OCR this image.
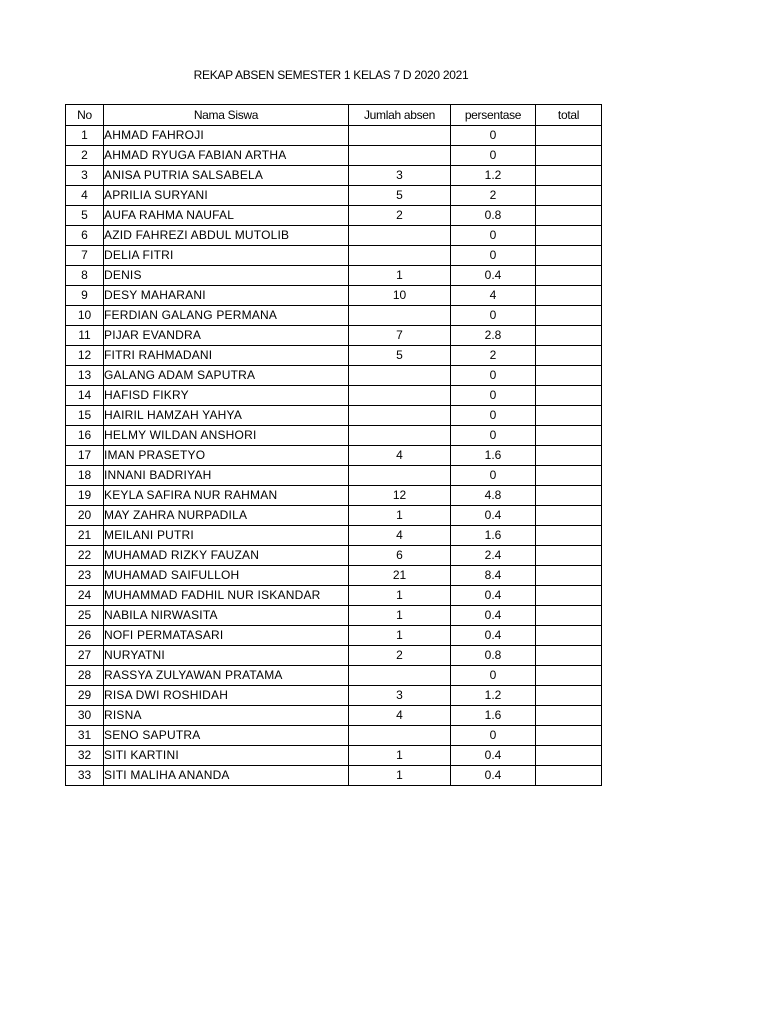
REKAP ABSEN SEMESTER 1 KELAS 7 D 2020 2021
No	Nama Siswa	Jumlah absen	persentase	total
1	AHMAD FAHROJI		0	
2	AHMAD RYUGA FABIAN ARTHA		0	
3	ANISA PUTRIA SALSABELA	3	1.2	
4	APRILIA SURYANI	5	2	
5	AUFA RAHMA NAUFAL	2	0.8	
6	AZID FAHREZI ABDUL MUTOLIB		0	
7	DELIA FITRI		0	
8	DENIS	1	0.4	
9	DESY MAHARANI	10	4	
10	FERDIAN GALANG PERMANA		0	
11	PIJAR EVANDRA	7	2.8	
12	FITRI RAHMADANI	5	2	
13	GALANG ADAM SAPUTRA		0	
14	HAFISD FIKRY		0	
15	HAIRIL HAMZAH YAHYA		0	
16	HELMY WILDAN ANSHORI		0	
17	IMAN PRASETYO	4	1.6	
18	INNANI BADRIYAH		0	
19	KEYLA SAFIRA NUR RAHMAN	12	4.8	
20	MAY ZAHRA NURPADILA	1	0.4	
21	MEILANI PUTRI	4	1.6	
22	MUHAMAD RIZKY FAUZAN	6	2.4	
23	MUHAMAD SAIFULLOH	21	8.4	
24	MUHAMMAD FADHIL NUR ISKANDAR	1	0.4	
25	NABILA NIRWASITA	1	0.4	
26	NOFI PERMATASARI	1	0.4	
27	NURYATNI	2	0.8	
28	RASSYA ZULYAWAN PRATAMA		0	
29	RISA DWI ROSHIDAH	3	1.2	
30	RISNA	4	1.6	
31	SENO SAPUTRA		0	
32	SITI KARTINI	1	0.4	
33	SITI MALIHA ANANDA	1	0.4	
